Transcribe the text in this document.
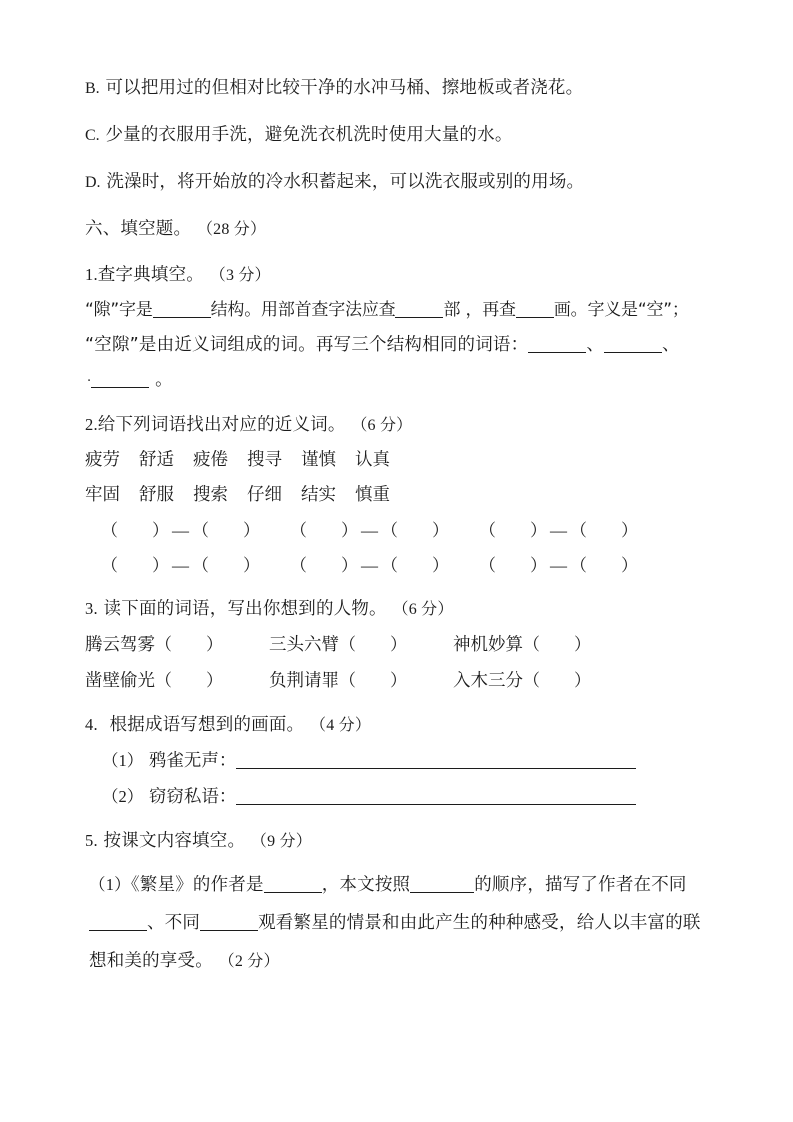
B. 可以把用过的但相对比较干净的水冲马桶、擦地板或者浇花。
C. 少量的衣服用手洗，避免洗衣机洗时使用大量的水。
D. 洗澡时，将开始放的冷水积蓄起来，可以洗衣服或别的用场。
六、填空题。 （28 分）
1.查字典填空。 （3 分）
“隙”字是	结构。用部首查字法应查	部 ，再查 画。字义是“空”；
“空隙”是由近义词组成的词。再写三个结构相同的词语：	、	、
·	。
2.给下列词语找出对应的近义词。 （6 分）
疲劳 舒适 疲倦 搜寻 谨慎 认真
牢固 舒服 搜索 仔细 结实 慎重
（ ） — （ ） （ ） — （ ） （ ） — （ ）
（ ） — （ ） （ ） — （ ） （ ） — （ ）
3. 读下面的词语，写出你想到的人物。 （6 分）
腾云驾雾（ ）	三头六臂（ ）	神机妙算（ ）
凿壁偷光（ ）	负荆请罪（ ）	入木三分（ ）
4. 根据成语写想到的画面。 （4 分）
（1） 鸦雀无声：
（2） 窃窃私语：
5. 按课文内容填空。 （9 分）
（1）《繁星》的作者是	，本文按照	的顺序，描写了作者在不同、不同	观看繁星的情景和由此产生的种种感受，给人以丰富的联想和美的享受。 （2 分）
